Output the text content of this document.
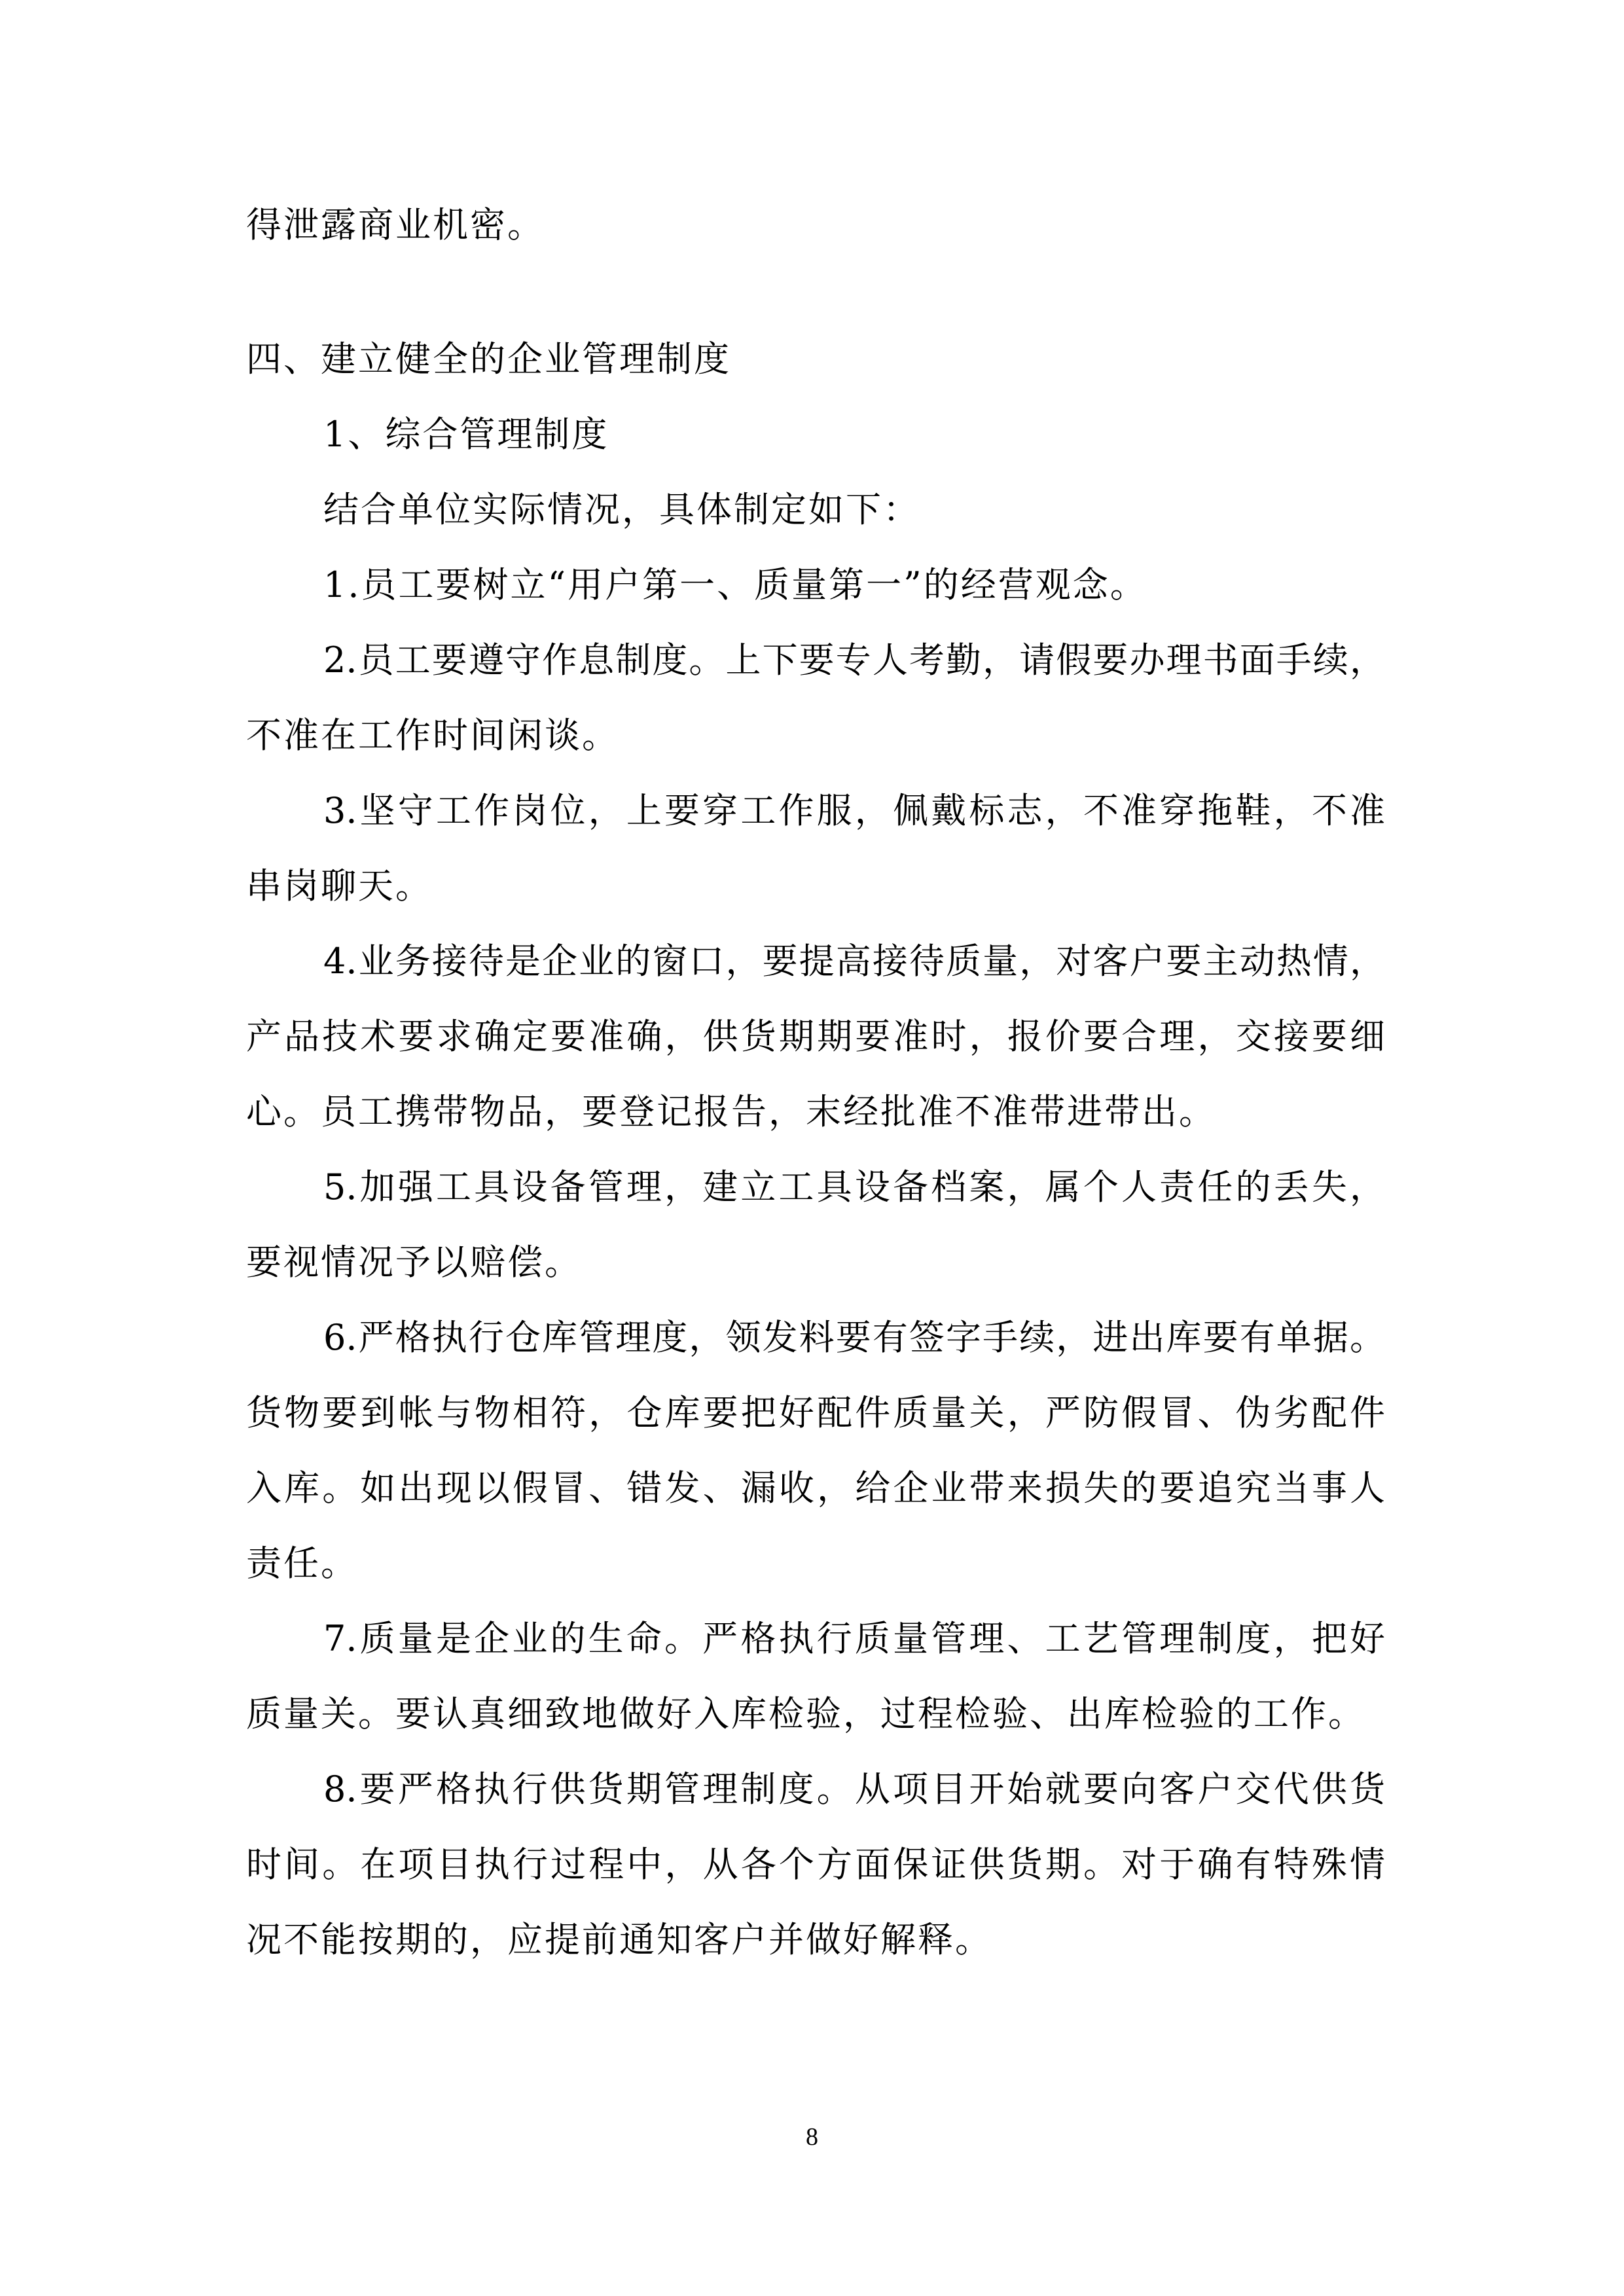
得泄露商业机密。
四、建立健全的企业管理制度
1、综合管理制度
结合单位实际情况，具体制定如下：
1.员工要树立“用户第一、质量第一”的经营观念。
2.员工要遵守作息制度。上下要专人考勤，请假要办理书面手续，
不准在工作时间闲谈。
3.坚守工作岗位，上要穿工作服，佩戴标志，不准穿拖鞋，不准
串岗聊天。
4.业务接待是企业的窗口，要提高接待质量，对客户要主动热情，
产品技术要求确定要准确，供货期期要准时，报价要合理，交接要细
心。员工携带物品，要登记报告，末经批准不准带进带出。
5.加强工具设备管理，建立工具设备档案，属个人责任的丢失，
要视情况予以赔偿。
6.严格执行仓库管理度，领发料要有签字手续，进出库要有单据。
货物要到帐与物相符，仓库要把好配件质量关，严防假冒、伪劣配件
入库。如出现以假冒、错发、漏收，给企业带来损失的要追究当事人
责任。
7.质量是企业的生命。严格执行质量管理、工艺管理制度，把好
质量关。要认真细致地做好入库检验，过程检验、出库检验的工作。
8.要严格执行供货期管理制度。从项目开始就要向客户交代供货
时间。在项目执行过程中，从各个方面保证供货期。对于确有特殊情
况不能按期的，应提前通知客户并做好解释。
8
